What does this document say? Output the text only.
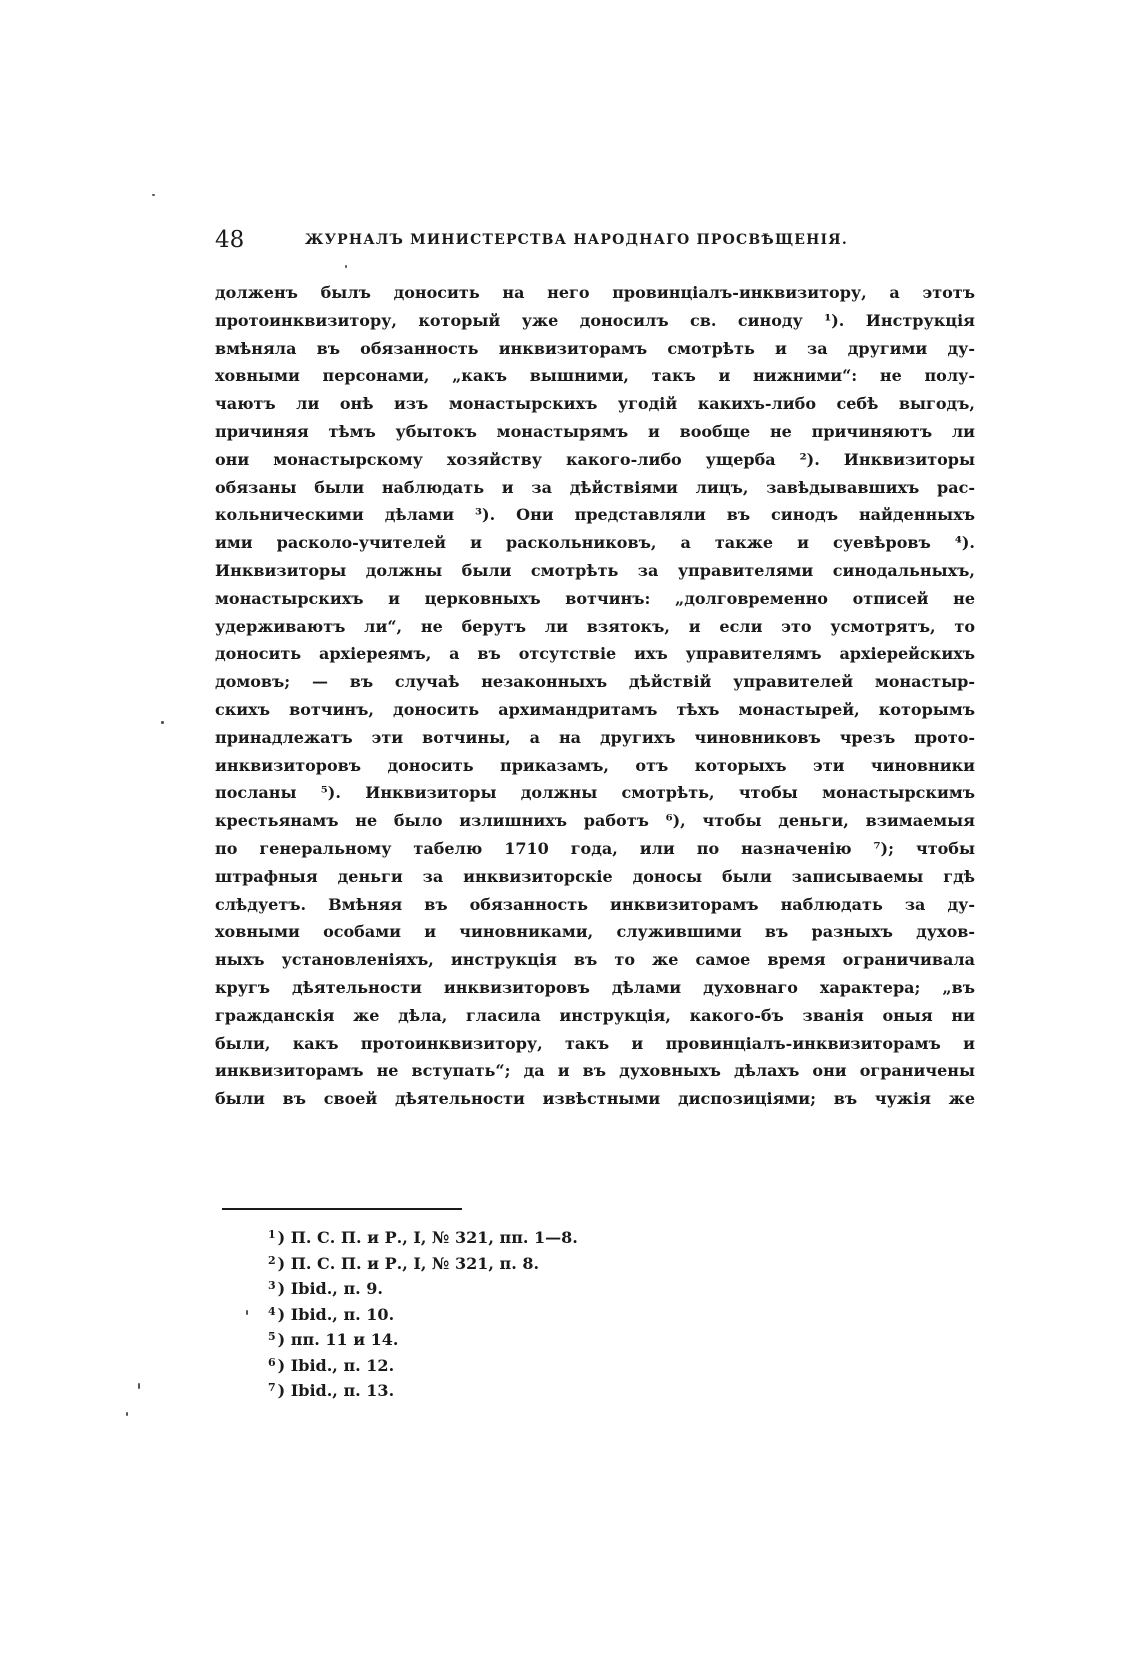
48	ЖУРНАЛЪ МИНИСТЕРСТВА НАРОДНАГО ПРОСВѢЩЕНІЯ.
долженъ былъ доносить на него провинціалъ-инквизитору, а этотъ
протоинквизитору, который уже доносилъ св. синоду ¹). Инструкція
вмѣняла въ обязанность инквизиторамъ смотрѣть и за другими ду-
ховными персонами, „какъ вышними, такъ и нижними“: не полу-
чаютъ ли онѣ изъ монастырскихъ угодій какихъ-либо себѣ выгодъ,
причиняя тѣмъ убытокъ монастырямъ и вообще не причиняютъ ли
они монастырскому хозяйству какого-либо ущерба ²). Инквизиторы
обязаны были наблюдать и за дѣйствіями лицъ, завѣдывавшихъ рас-
кольническими дѣлами ³). Они представляли въ синодъ найденныхъ
ими расколо-учителей и раскольниковъ, а также и суевѣровъ ⁴).
Инквизиторы должны были смотрѣть за управителями синодальныхъ,
монастырскихъ и церковныхъ вотчинъ: „долговременно отписей не
удерживаютъ ли“, не берутъ ли взятокъ, и если это усмотрятъ, то
доносить архіереямъ, а въ отсутствіе ихъ управителямъ архіерейскихъ
домовъ; — въ случаѣ незаконныхъ дѣйствій управителей монастыр-
скихъ вотчинъ, доносить архимандритамъ тѣхъ монастырей, которымъ
принадлежатъ эти вотчины, а на другихъ чиновниковъ чрезъ прото-
инквизиторовъ доносить приказамъ, отъ которыхъ эти чиновники
посланы ⁵). Инквизиторы должны смотрѣть, чтобы монастырскимъ
крестьянамъ не было излишнихъ работъ ⁶), чтобы деньги, взимаемыя
по генеральному табелю 1710 года, или по назначенію ⁷); чтобы
штрафныя деньги за инквизиторскіе доносы были записываемы гдѣ
слѣдуетъ. Вмѣняя въ обязанность инквизиторамъ наблюдать за ду-
ховными особами и чиновниками, служившими въ разныхъ духов-
ныхъ установленіяхъ, инструкція въ то же самое время ограничивала
кругъ дѣятельности инквизиторовъ дѣлами духовнаго характера; „въ
гражданскія же дѣла, гласила инструкція, какого-бъ званія оныя ни
были, какъ протоинквизитору, такъ и провинціалъ-инквизиторамъ и
инквизиторамъ не вступать“; да и въ духовныхъ дѣлахъ они ограничены
были въ своей дѣятельности извѣстными диспозиціями; въ чужія же
$^1$ ) П. С. П. и Р., I, № 321, пп. 1—8.
$^2$ ) П. С. П. и Р., I, № 321, п. 8.
$^3$ ) Ibid., п. 9.
$^4$ ) Ibid., п. 10.
$^5$ ) пп. 11 и 14.
$^6$ ) Ibid., п. 12.
$^7$ ) Ibid., п. 13.
